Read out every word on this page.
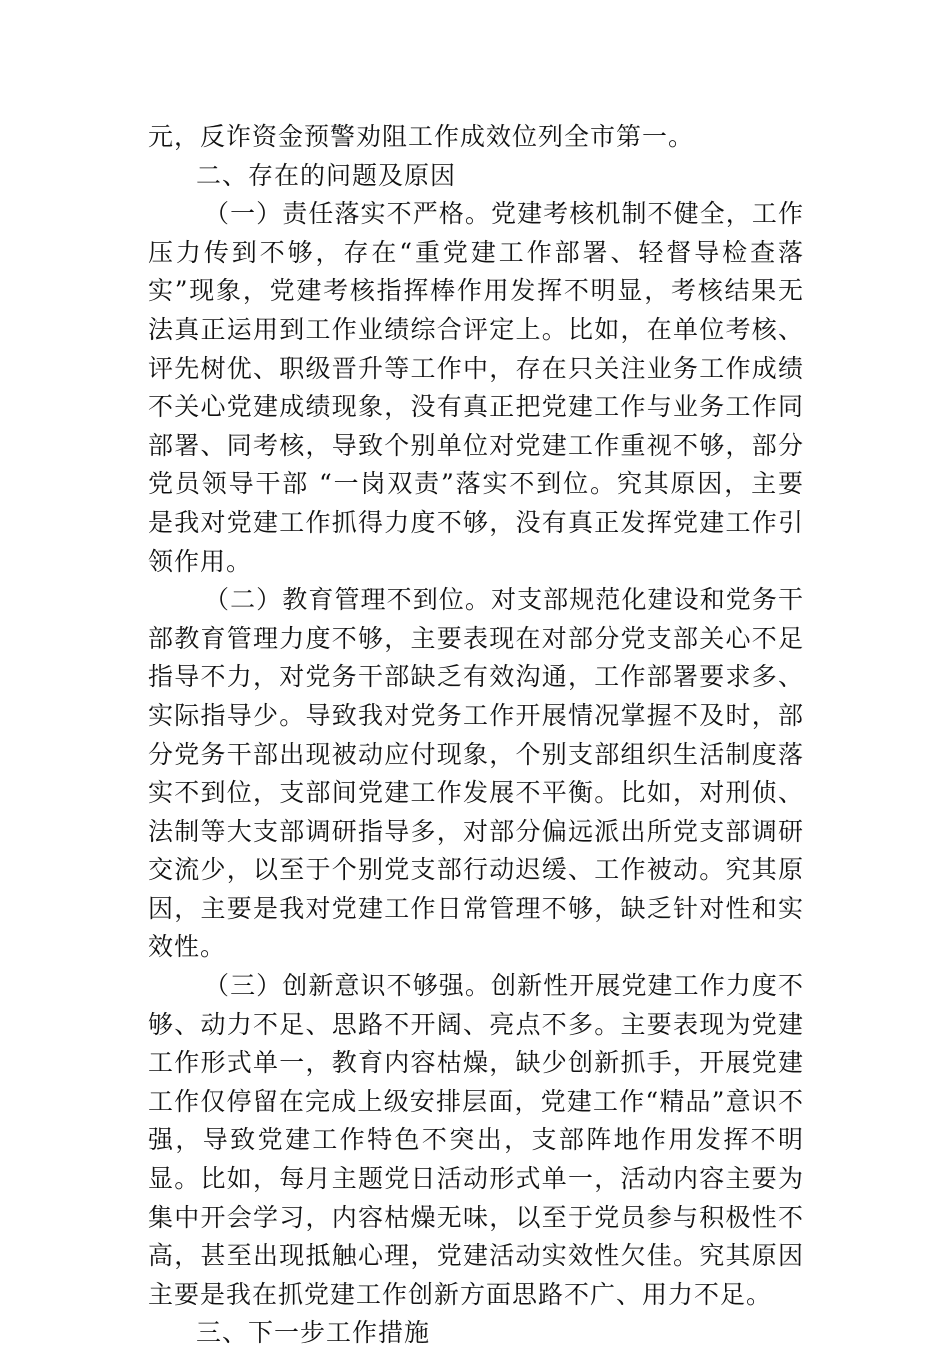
元，反诈资金预警劝阻工作成效位列全市第一。

二、存在的问题及原因

（一）责任落实不严格。党建考核机制不健全，工作压力传到不够，存在“重党建工作部署、轻督导检查落实”现象，党建考核指挥棒作用发挥不明显，考核结果无法真正运用到工作业绩综合评定上。比如，在单位考核、评先树优、职级晋升等工作中，存在只关注业务工作成绩不关心党建成绩现象，没有真正把党建工作与业务工作同部署、同考核，导致个别单位对党建工作重视不够，部分党员领导干部 “一岗双责”落实不到位。究其原因，主要是我对党建工作抓得力度不够，没有真正发挥党建工作引领作用。

（二）教育管理不到位。对支部规范化建设和党务干部教育管理力度不够，主要表现在对部分党支部关心不足指导不力，对党务干部缺乏有效沟通，工作部署要求多、实际指导少。导致我对党务工作开展情况掌握不及时，部分党务干部出现被动应付现象，个别支部组织生活制度落实不到位，支部间党建工作发展不平衡。比如，对刑侦、法制等大支部调研指导多，对部分偏远派出所党支部调研交流少，以至于个别党支部行动迟缓、工作被动。究其原因，主要是我对党建工作日常管理不够，缺乏针对性和实效性。

（三）创新意识不够强。创新性开展党建工作力度不够、动力不足、思路不开阔、亮点不多。主要表现为党建工作形式单一，教育内容枯燥，缺少创新抓手，开展党建工作仅停留在完成上级安排层面，党建工作“精品”意识不强，导致党建工作特色不突出，支部阵地作用发挥不明显。比如，每月主题党日活动形式单一，活动内容主要为集中开会学习，内容枯燥无味，以至于党员参与积极性不高，甚至出现抵触心理，党建活动实效性欠佳。究其原因主要是我在抓党建工作创新方面思路不广、用力不足。

三、下一步工作措施
